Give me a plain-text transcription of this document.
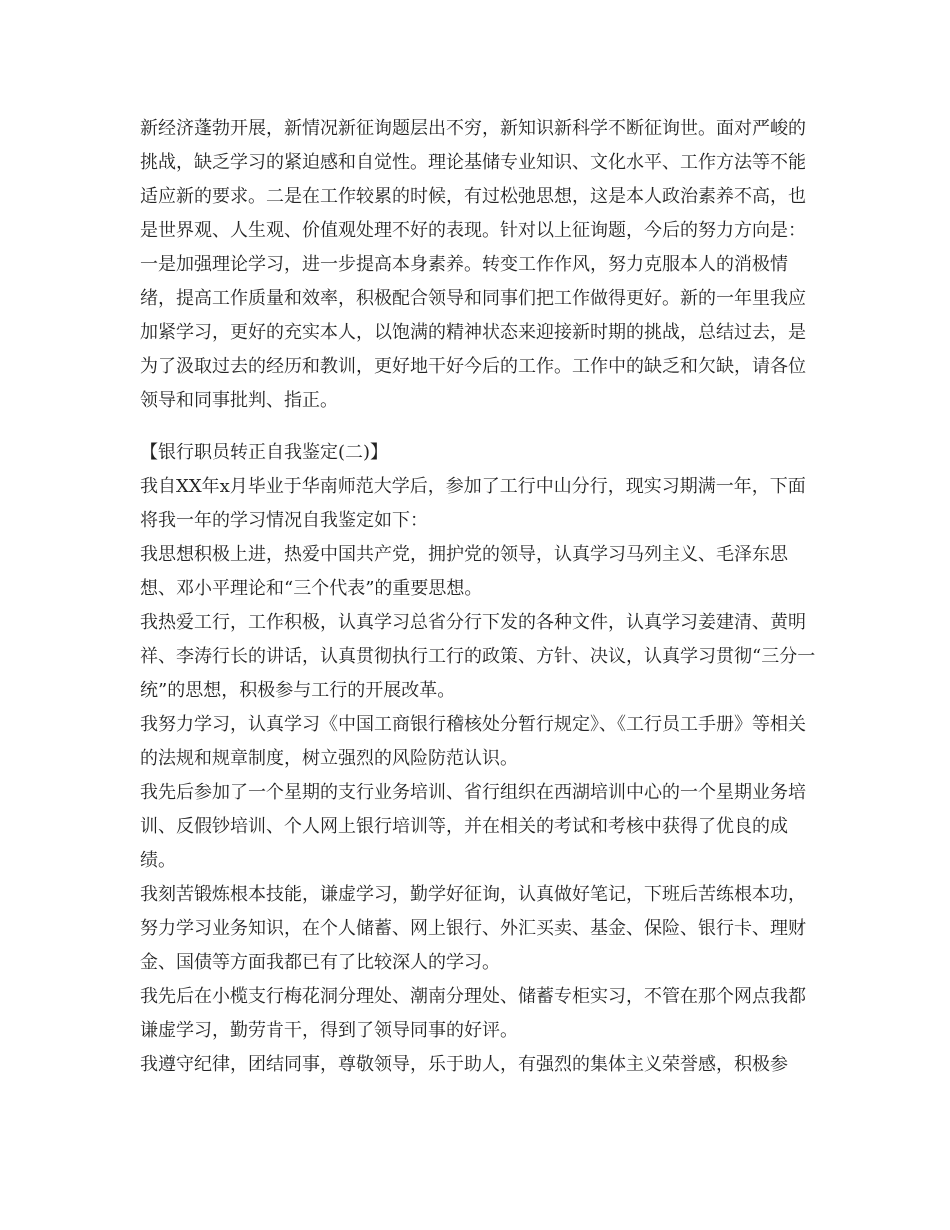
新经济蓬勃开展，新情况新征询题层出不穷，新知识新科学不断征询世。面对严峻的挑战，缺乏学习的紧迫感和自觉性。理论基储专业知识、文化水平、工作方法等不能适应新的要求。二是在工作较累的时候，有过松弛思想，这是本人政治素养不高，也是世界观、人生观、价值观处理不好的表现。针对以上征询题，今后的努力方向是：一是加强理论学习，进一步提高本身素养。转变工作作风，努力克服本人的消极情绪，提高工作质量和效率，积极配合领导和同事们把工作做得更好。新的一年里我应加紧学习，更好的充实本人，以饱满的精神状态来迎接新时期的挑战，总结过去，是为了汲取过去的经历和教训，更好地干好今后的工作。工作中的缺乏和欠缺，请各位领导和同事批判、指正。
【银行职员转正自我鉴定(二)】
我自XX年x月毕业于华南师范大学后，参加了工行中山分行，现实习期满一年，下面将我一年的学习情况自我鉴定如下：
我思想积极上进，热爱中国共产党，拥护党的领导，认真学习马列主义、毛泽东思想、邓小平理论和“三个代表”的重要思想。
我热爱工行，工作积极，认真学习总省分行下发的各种文件，认真学习姜建清、黄明祥、李涛行长的讲话，认真贯彻执行工行的政策、方针、决议，认真学习贯彻“三分一统”的思想，积极参与工行的开展改革。
我努力学习，认真学习《中国工商银行稽核处分暂行规定》、《工行员工手册》等相关的法规和规章制度，树立强烈的风险防范认识。
我先后参加了一个星期的支行业务培训、省行组织在西湖培训中心的一个星期业务培训、反假钞培训、个人网上银行培训等，并在相关的考试和考核中获得了优良的成绩。
我刻苦锻炼根本技能，谦虚学习，勤学好征询，认真做好笔记，下班后苦练根本功，努力学习业务知识，在个人储蓄、网上银行、外汇买卖、基金、保险、银行卡、理财金、国债等方面我都已有了比较深人的学习。
我先后在小榄支行梅花洞分理处、潮南分理处、储蓄专柜实习，不管在那个网点我都谦虚学习，勤劳肯干，得到了领导同事的好评。
我遵守纪律，团结同事，尊敬领导，乐于助人，有强烈的集体主义荣誉感，积极参
